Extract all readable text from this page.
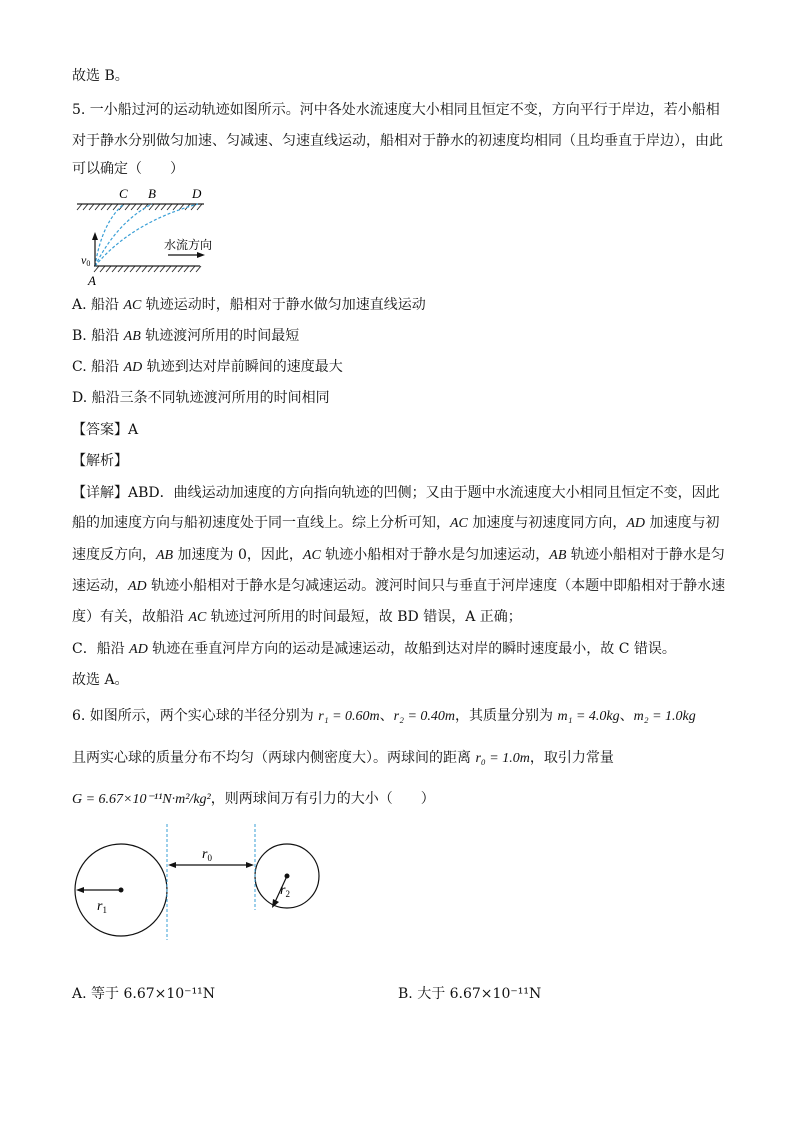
故选 B。
5. 一小船过河的运动轨迹如图所示。河中各处水流速度大小相同且恒定不变，方向平行于岸边，若小船相
对于静水分别做匀加速、匀减速、匀速直线运动，船相对于静水的初速度均相同（且均垂直于岸边），由此
可以确定（　　）
C B	D
A
v0
水流方向
A. 船沿 AC 轨迹运动时，船相对于静水做匀加速直线运动
B. 船沿 AB 轨迹渡河所用的时间最短
C. 船沿 AD 轨迹到达对岸前瞬间的速度最大
D. 船沿三条不同轨迹渡河所用的时间相同
【答案】A
【解析】
【详解】ABD．曲线运动加速度的方向指向轨迹的凹侧；又由于题中水流速度大小相同且恒定不变，因此
船的加速度方向与船初速度处于同一直线上。综上分析可知，AC 加速度与初速度同方向，AD 加速度与初
速度反方向，AB 加速度为 0，因此，AC 轨迹小船相对于静水是匀加速运动，AB 轨迹小船相对于静水是匀
速运动，AD 轨迹小船相对于静水是匀减速运动。渡河时间只与垂直于河岸速度（本题中即船相对于静水速
度）有关，故船沿 AC 轨迹过河所用的时间最短，故 BD 错误，A 正确；
C．船沿 AD 轨迹在垂直河岸方向的运动是减速运动，故船到达对岸的瞬时速度最小，故 C 错误。
故选 A。
6. 如图所示，两个实心球的半径分别为 r₁ = 0.60m、r₂ = 0.40m，其质量分别为 m₁ = 4.0kg、m₂ = 1.0kg
且两实心球的质量分布不均匀（两球内侧密度大）。两球间的距离 r₀ = 1.0m，取引力常量
G = 6.67×10⁻¹¹N·m²/kg²，则两球间万有引力的大小（　　）
$r_0$
$r_1$
$r_2$
A. 等于 6.67×10⁻¹¹N	B. 大于 6.67×10⁻¹¹N
